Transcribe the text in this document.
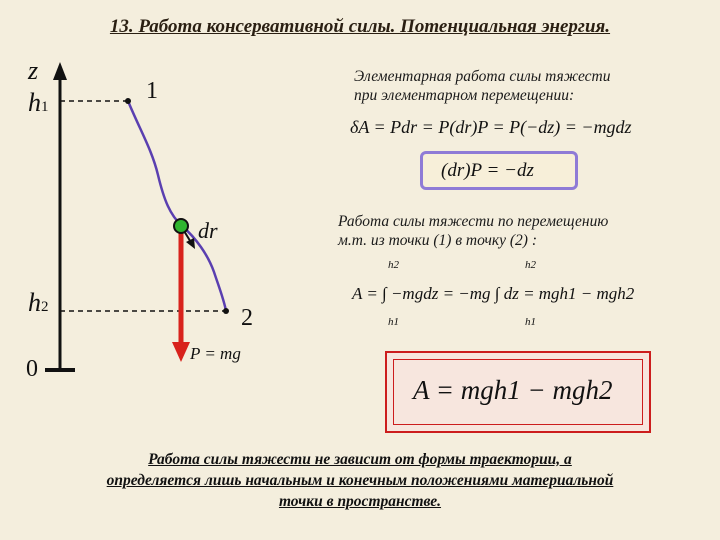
13. Работа консервативной силы. Потенциальная энергия.
z
h1
h2
0
1
2
dr
P = mg
Элементарная работа силы тяжести
при элементарном перемещении:
δA = Pdr = P(dr)P = P(−dz) = −mgdz
(dr)P = −dz
Работа силы тяжести по перемещению
м.т. из точки (1) в точку (2) :
h2
h1
h2
h1
A = ∫ −mgdz = −mg ∫ dz = mgh1 − mgh2
A = mgh1 − mgh2
Работа силы тяжести не зависит от формы траектории, а
определяется лишь начальным и конечным положениями материальной
точки в пространстве.
